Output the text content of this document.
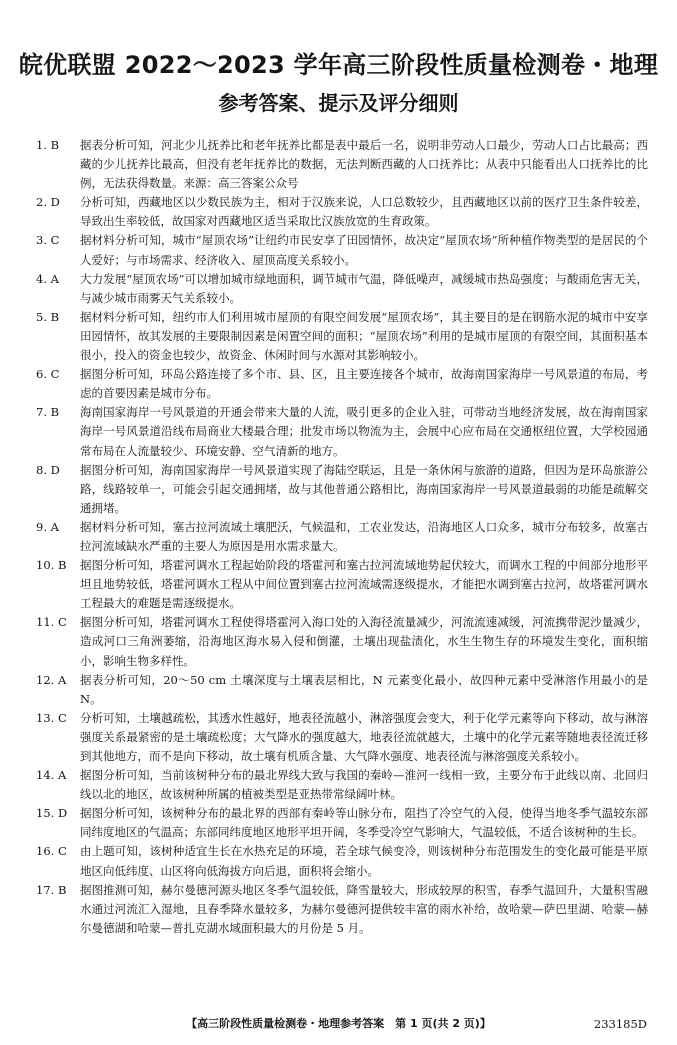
皖优联盟 2022～2023 学年高三阶段性质量检测卷・地理
参考答案、提示及评分细则
1. B	据表分析可知，河北少儿抚养比和老年抚养比都是表中最后一名，说明非劳动人口最少，劳动人口占比最高；西藏的少儿抚养比最高，但没有老年抚养比的数据，无法判断西藏的人口抚养比；从表中只能看出人口抚养比的比例，无法获得数量。来源：高三答案公众号
2. D	分析可知，西藏地区以少数民族为主，相对于汉族来说，人口总数较少，且西藏地区以前的医疗卫生条件较差，导致出生率较低，故国家对西藏地区适当采取比汉族放宽的生育政策。
3. C	据材料分析可知，城市“屋顶农场”让纽约市民安享了田园情怀，故决定“屋顶农场”所种植作物类型的是居民的个人爱好；与市场需求、经济收入、屋顶高度关系较小。
4. A	大力发展“屋顶农场”可以增加城市绿地面积，调节城市气温，降低噪声，减缓城市热岛强度；与酸雨危害无关，与减少城市雨雾天气关系较小。
5. B	据材料分析可知，纽约市人们利用城市屋顶的有限空间发展“屋顶农场”，其主要目的是在钢筋水泥的城市中安享田园情怀，故其发展的主要限制因素是闲置空间的面积；“屋顶农场”利用的是城市屋顶的有限空间，其面积基本很小，投入的资金也较少，故资金、休闲时间与水源对其影响较小。
6. C	据图分析可知，环岛公路连接了多个市、县、区，且主要连接各个城市，故海南国家海岸一号风景道的布局，考虑的首要因素是城市分布。
7. B	海南国家海岸一号风景道的开通会带来大量的人流，吸引更多的企业入驻，可带动当地经济发展，故在海南国家海岸一号风景道沿线布局商业大楼最合理；批发市场以物流为主，会展中心应布局在交通枢纽位置，大学校园通常布局在人流量较少、环境安静、空气清新的地方。
8. D	据图分析可知，海南国家海岸一号风景道实现了海陆空联运，且是一条休闲与旅游的道路，但因为是环岛旅游公路，线路较单一，可能会引起交通拥堵，故与其他普通公路相比，海南国家海岸一号风景道最弱的功能是疏解交通拥堵。
9. A	据材料分析可知，塞古拉河流域土壤肥沃，气候温和，工农业发达，沿海地区人口众多，城市分布较多，故塞古拉河流域缺水严重的主要人为原因是用水需求量大。
10. B	据图分析可知，塔霍河调水工程起始阶段的塔霍河和塞古拉河流域地势起伏较大，而调水工程的中间部分地形平坦且地势较低，塔霍河调水工程从中间位置到塞古拉河流域需逐级提水，才能把水调到塞古拉河，故塔霍河调水工程最大的难题是需逐级提水。
11. C	据图分析可知，塔霍河调水工程使得塔霍河入海口处的入海径流量减少，河流流速减缓，河流携带泥沙量减少，造成河口三角洲萎缩，沿海地区海水易入侵和倒灌，土壤出现盐渍化，水生生物生存的环境发生变化，面积缩小，影响生物多样性。
12. A	据表分析可知，20～50 cm 土壤深度与土壤表层相比，N 元素变化最小，故四种元素中受淋溶作用最小的是 N。
13. C	分析可知，土壤越疏松，其透水性越好，地表径流越小，淋溶强度会变大，利于化学元素等向下移动，故与淋溶强度关系最紧密的是土壤疏松度；大气降水的强度越大，地表径流就越大，土壤中的化学元素等随地表径流迁移到其他地方，而不是向下移动，故土壤有机质含量、大气降水强度、地表径流与淋溶强度关系较小。
14. A	据图分析可知，当前该树种分布的最北界线大致与我国的秦岭—淮河一线相一致，主要分布于此线以南、北回归线以北的地区，故该树种所属的植被类型是亚热带常绿阔叶林。
15. D	据图分析可知，该树种分布的最北界的西部有秦岭等山脉分布，阻挡了冷空气的入侵，使得当地冬季气温较东部同纬度地区的气温高；东部同纬度地区地形平坦开阔，冬季受冷空气影响大，气温较低，不适合该树种的生长。
16. C	由上题可知，该树种适宜生长在水热充足的环境，若全球气候变冷，则该树种分布范围发生的变化最可能是平原地区向低纬度、山区将向低海拔方向后退，面积将会缩小。
17. B	据图推测可知，赫尔曼德河源头地区冬季气温较低，降雪量较大，形成较厚的积雪，春季气温回升，大量积雪融水通过河流汇入湿地，且春季降水量较多，为赫尔曼德河提供较丰富的雨水补给，故哈蒙—萨巴里湖、哈蒙—赫尔曼德湖和哈蒙—普扎克湖水域面积最大的月份是 5 月。
【高三阶段性质量检测卷・地理参考答案　第 1 页(共 2 页)】	233185D
